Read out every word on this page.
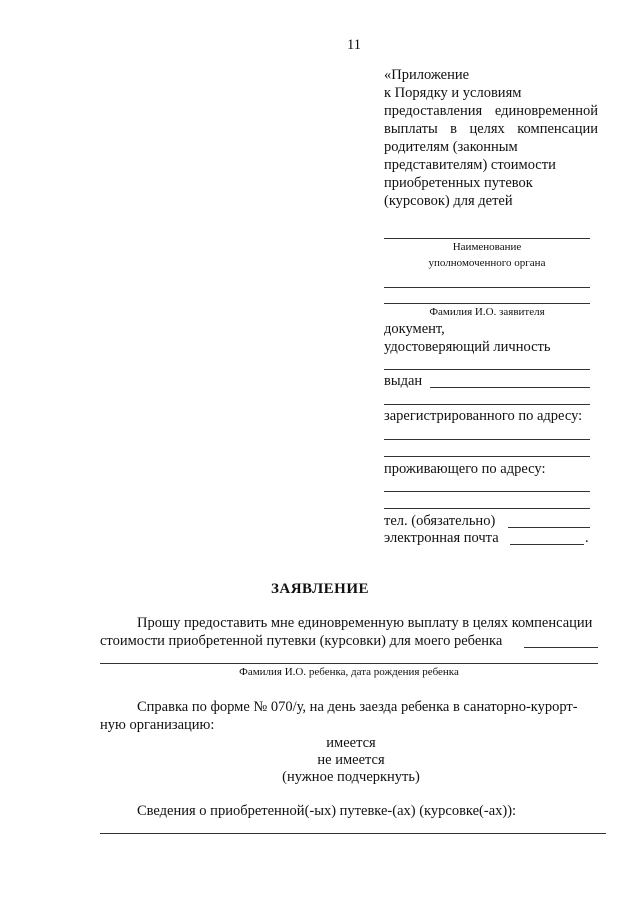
11
«Приложение
к Порядку и условиям
предоставления единовременной
выплаты в целях компенсации
родителям (законным
представителям) стоимости
приобретенных путевок
(курсовок) для детей
Наименование
уполномоченного органа
Фамилия И.О. заявителя
документ,
удостоверяющий личность
выдан
зарегистрированного по адресу:
проживающего по адресу:
тел. (обязательно)
электронная почта	.
ЗАЯВЛЕНИЕ
Прошу предоставить мне единовременную выплату в целях компенсации
стоимости приобретенной путевки (курсовки) для моего ребенка
Фамилия И.О. ребенка, дата рождения ребенка
Справка по форме № 070/у, на день заезда ребенка в санаторно-курорт-
ную организацию:
имеется
не имеется
(нужное подчеркнуть)
Сведения о приобретенной(-ых) путевке-(ах) (курсовке(-ах)):
